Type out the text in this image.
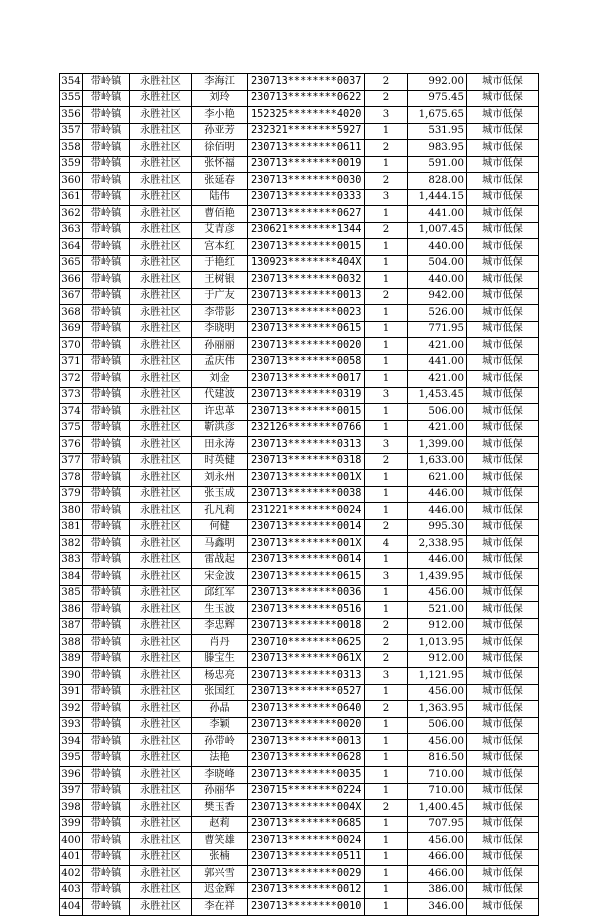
354	带岭镇	永胜社区	李海江	230713********0037	2	992.00	城市低保
355	带岭镇	永胜社区	刘玲	230713********0622	2	975.45	城市低保
356	带岭镇	永胜社区	李小艳	152325********4020	3	1,675.65	城市低保
357	带岭镇	永胜社区	孙亚芳	232321********5927	1	531.95	城市低保
358	带岭镇	永胜社区	徐佰明	230713********0611	2	983.95	城市低保
359	带岭镇	永胜社区	张怀福	230713********0019	1	591.00	城市低保
360	带岭镇	永胜社区	张延春	230713********0030	2	828.00	城市低保
361	带岭镇	永胜社区	陆伟	230713********0333	3	1,444.15	城市低保
362	带岭镇	永胜社区	曹佰艳	230713********0627	1	441.00	城市低保
363	带岭镇	永胜社区	艾青彦	230621********1344	2	1,007.45	城市低保
364	带岭镇	永胜社区	宫本红	230713********0015	1	440.00	城市低保
365	带岭镇	永胜社区	于艳红	130923********404X	1	504.00	城市低保
366	带岭镇	永胜社区	王树银	230713********0032	1	440.00	城市低保
367	带岭镇	永胜社区	于广友	230713********0013	2	942.00	城市低保
368	带岭镇	永胜社区	李带影	230713********0023	1	526.00	城市低保
369	带岭镇	永胜社区	李晓明	230713********0615	1	771.95	城市低保
370	带岭镇	永胜社区	孙丽丽	230713********0020	1	421.00	城市低保
371	带岭镇	永胜社区	孟庆伟	230713********0058	1	441.00	城市低保
372	带岭镇	永胜社区	刘金	230713********0017	1	421.00	城市低保
373	带岭镇	永胜社区	代建波	230713********0319	3	1,453.45	城市低保
374	带岭镇	永胜社区	许忠革	230713********0015	1	506.00	城市低保
375	带岭镇	永胜社区	靳洪彦	232126********0766	1	421.00	城市低保
376	带岭镇	永胜社区	田永涛	230713********0313	3	1,399.00	城市低保
377	带岭镇	永胜社区	时英健	230713********0318	2	1,633.00	城市低保
378	带岭镇	永胜社区	刘永州	230713********001X	1	621.00	城市低保
379	带岭镇	永胜社区	张玉成	230713********0038	1	446.00	城市低保
380	带岭镇	永胜社区	孔凡莉	231221********0024	1	446.00	城市低保
381	带岭镇	永胜社区	何健	230713********0014	2	995.30	城市低保
382	带岭镇	永胜社区	马鑫明	230713********001X	4	2,338.95	城市低保
383	带岭镇	永胜社区	雷战起	230713********0014	1	446.00	城市低保
384	带岭镇	永胜社区	宋金波	230713********0615	3	1,439.95	城市低保
385	带岭镇	永胜社区	邱红军	230713********0036	1	456.00	城市低保
386	带岭镇	永胜社区	生玉波	230713********0516	1	521.00	城市低保
387	带岭镇	永胜社区	李忠辉	230713********0018	2	912.00	城市低保
388	带岭镇	永胜社区	肖丹	230710********0625	2	1,013.95	城市低保
389	带岭镇	永胜社区	滕宝生	230713********061X	2	912.00	城市低保
390	带岭镇	永胜社区	杨忠亮	230713********0313	3	1,121.95	城市低保
391	带岭镇	永胜社区	张国红	230713********0527	1	456.00	城市低保
392	带岭镇	永胜社区	孙晶	230713********0640	2	1,363.95	城市低保
393	带岭镇	永胜社区	李颖	230713********0020	1	506.00	城市低保
394	带岭镇	永胜社区	孙带岭	230713********0013	1	456.00	城市低保
395	带岭镇	永胜社区	法艳	230713********0628	1	816.50	城市低保
396	带岭镇	永胜社区	李晓峰	230713********0035	1	710.00	城市低保
397	带岭镇	永胜社区	孙丽华	230715********0224	1	710.00	城市低保
398	带岭镇	永胜社区	樊玉香	230713********004X	2	1,400.45	城市低保
399	带岭镇	永胜社区	赵莉	230713********0685	1	707.95	城市低保
400	带岭镇	永胜社区	曹笑雄	230713********0024	1	456.00	城市低保
401	带岭镇	永胜社区	张楠	230713********0511	1	466.00	城市低保
402	带岭镇	永胜社区	郭兴雪	230713********0029	1	466.00	城市低保
403	带岭镇	永胜社区	迟金辉	230713********0012	1	386.00	城市低保
404	带岭镇	永胜社区	李在祥	230713********0010	1	346.00	城市低保
